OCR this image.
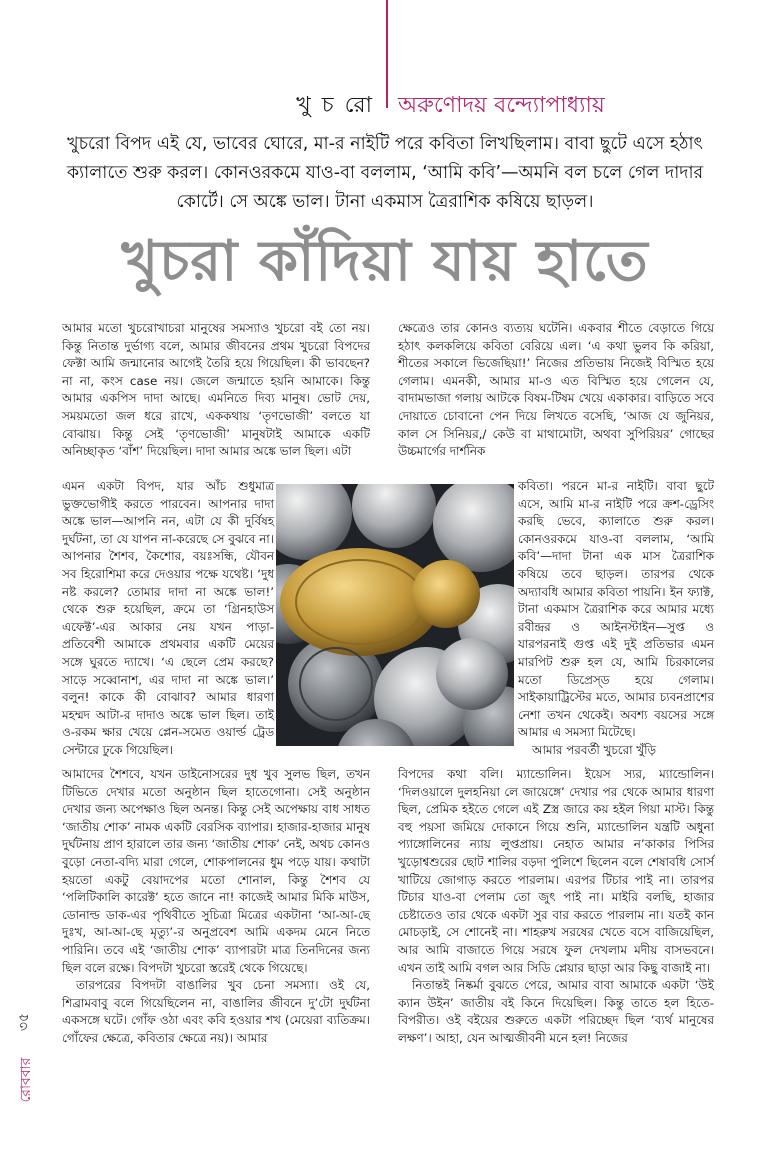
খু চ রো অরুণোদয় বন্দ্যোপাধ্যায়
খুচরো বিপদ এই যে, ভাবের ঘোরে, মা-র নাইটি পরে কবিতা লিখছিলাম। বাবা ছুটে এসে হঠাৎ ক্যালাতে শুরু করল। কোনওরকমে যাও-বা বললাম, ‘আমি কবি’—অমনি বল চলে গেল দাদার কোর্টে। সে অঙ্কে ভাল। টানা একমাস ত্রৈরাশিক কষিয়ে ছাড়ল।
খুচরা কাঁদিয়া যায় হাতে

আমার মতো খুচরোখাচরা মানুষের সমস্যাও খুচরো বই তো নয়। কিন্তু নিতান্ত দুর্ভাগ্য বলে, আমার জীবনের প্রথম খুচরো বিপদের ফেক্টা আমি জন্মানোর আগেই তৈরি হয়ে গিয়েছিল। কী ভাবছেন? না না, কংস case নয়। জেলে জন্মাতে হয়নি আমাকে। কিন্তু আমার একপিস দাদা আছে। এমনিতে দিব্য মানুষ। ভোট দেয়, সময়মতো জল ধরে রাখে, এককথায় ‘তৃণভোজী’ বলতে যা বোঝায়। কিন্তু সেই ‘তৃণভোজী’ মানুষটাই আমাকে একটি অনিচ্ছাকৃত ‘বাঁশ’ দিয়েছিল। দাদা আমার অঙ্কে ভাল ছিল। এটা

এমন একটা বিপদ, যার আঁচ শুধুমাত্র ভুক্তভোগীই করতে পারবেন। আপনার দাদা অঙ্কে ভাল—আপনি নন, এটা যে কী দুর্বিষহ দুর্ঘটনা, তা যে যাপন না-করেছে সে বুঝবে না। আপনার শৈশব, কৈশোর, বয়ঃসন্ধি, যৌবন সব হিরোশিমা করে দেওয়ার পক্ষে যথেষ্ট। ‘দুধ নষ্ট করলে? তোমার দাদা না অঙ্কে ভাল!’ থেকে শুরু হয়েছিল, ক্রমে তা ‘গ্রিনহাউস এফেক্ট’-এর আকার নেয় যখন পাড়া-প্রতিবেশী আমাকে প্রথমবার একটি মেয়ের সঙ্গে ঘুরতে দ্যাখে। ‘এ ছেলে প্রেম করছে? সাড়ে সব্বোনাশ, এর দাদা না অঙ্কে ভাল।’ বলুন! কাকে কী বোঝাব? আমার ধারণা মহম্মদ আটা-র দাদাও অঙ্কে ভাল ছিল। তাই ও-রকম ক্ষার খেয়ে প্লেন-সমেত ওয়ার্ল্ড ট্রেড সেন্টারে ঢুকে গিয়েছিল।

আমাদের শৈশবে, যখন ডাইনোসরের দুধ খুব সুলভ ছিল, তখন টিভিতে দেখার মতো অনুষ্ঠান ছিল হাতেগোনা। সেই অনুষ্ঠান দেখার জন্য অপেক্ষাও ছিল অনন্ত। কিন্তু সেই অপেক্ষায় বাধ সাধত ‘জাতীয় শোক’ নামক একটি বেরসিক ব্যাপার। হাজার-হাজার মানুষ দুর্ঘটনায় প্রাণ হারালে তার জন্য ‘জাতীয় শোক’ নেই, অথচ কোনও বুড়ো নেতা-বদ্যি মারা গেলে, শোকপালনের ধুম পড়ে যায়। কথাটা হয়তো একটু বেয়াদপের মতো শোনাল, কিন্তু শৈশব যে ‘পলিটিকালি কারেক্ট’ হতে জানে না! কাজেই আমার মিকি মাউস, ডোনাল্ড ডাক-এর পৃথিবীতে সুচিত্রা মিত্রের একটানা ‘আ-আ-ছে দুঃখ, আ-আ-ছে মৃত্যু’-র অনুপ্রবেশ আমি একদম মেনে নিতে পারিনি। তবে এই ‘জাতীয় শোক’ ব্যাপারটা মাত্র তিনদিনের জন্য ছিল বলে রক্ষে। বিপদটা খুচরো স্তরেই থেকে গিয়েছে।
তারপরের বিপদটা বাঙালির খুব চেনা সমস্যা। ওই যে, শিব্রামবাবু বলে গিয়েছিলেন না, বাঙালির জীবনে দু’টো দুর্ঘটনা একসঙ্গে ঘটে। গোঁফ ওঠা এবং কবি হওয়ার শখ (মেয়েরা ব্যতিক্রম। গোঁফের ক্ষেত্রে, কবিতার ক্ষেত্রে নয়)। আমার

ক্ষেত্রেও তার কোনও ব্যত্যয় ঘটেনি। একবার শীতে বেড়াতে গিয়ে হঠাৎ কলকলিয়ে কবিতা বেরিয়ে এল। ‘এ কথা ভুলব কি করিয়া, শীতের সকালে ভিজেছিয়া!’ নিজের প্রতিভায় নিজেই বিস্মিত হয়ে গেলাম। এমনকী, আমার মা-ও এত বিস্মিত হয়ে গেলেন যে, বাদামভাজা গলায় আটকে বিষম-টিষম খেয়ে একাকার। বাড়িতে সবে দোয়াতে চোবানো পেন দিয়ে লিখতে বসেছি, ‘আজ যে জুনিয়র, কাল সে সিনিয়র,/ কেউ বা মাথামোটা, অথবা সুপিরিয়র’ গোছের উচ্চমার্গের দার্শনিক

কবিতা। পরনে মা-র নাইটি। বাবা ছুটে এসে, আমি মা-র নাইটি পরে ক্রশ-ড্রেসিং করছি ভেবে, ক্যালাতে শুরু করল। কোনওরকমে যাও-বা বললাম, ‘আমি কবি’—দাদা টানা এক মাস ত্রৈরাশিক কষিয়ে তবে ছাড়ল। তারপর থেকে অদ্যাবধি আমার কবিতা পায়নি। ইন ফ্যাক্ট, টানা একমাস ত্রৈরাশিক করে আমার মধ্যে রবীন্দ্রর ও আইনস্টাইন—সুপ্ত ও যারপরনাই গুপ্ত এই দুই প্রতিভার এমন মারপিট শুরু হল যে, আমি চিরকালের মতো ডিপ্রেস্‌ড হয়ে গেলাম। সাইকায়াট্রিস্টের মতে, আমার চ্যবনপ্রাশের নেশা তখন থেকেই। অবশ্য বয়সের সঙ্গে আমার এ সমস্যা মিটেছে।
আমার পরবর্তী খুচরো খুঁড়ি

বিপদের কথা বলি। ম্যান্ডোলিন। ইয়েস স্যর, ম্যান্ডোলিন। ‘দিলওয়ালে দুলহনিয়া লে জায়েঙ্গে’ দেখার পর থেকে আমার ধারণা ছিল, প্রেমিক হইতে গেলে এই Zস্ত্র জারে কয় হইল গিয়া মাস্ট। কিন্তু বহু পয়সা জমিয়ে দোকানে গিয়ে শুনি, ম্যান্ডোলিন যন্ত্রটি অধুনা প্যাঙ্গোলিনের ন্যায় লুপ্তপ্রায়। নেহাত আমার ন’কাকার পিসির খুড়োশ্বশুরের ছোট শালির বড়দা পুলিশে ছিলেন বলে শেষাবধি সোর্স খাটিয়ে জোগাড় করতে পারলাম। এরপর টিচার পাই না। তারপর টিচার যাও-বা পেলাম তো জুৎ পাই না। মাইরি বলছি, হাজার চেষ্টাতেও তার থেকে একটা সুর বার করতে পারলাম না। যতই কান মোচড়াই, সে শোনেই না। শাহরুখ সরষের খেতে বসে বাজিয়েছিল, আর আমি বাজাতে গিয়ে সরষে ফুল দেখলাম মদীয় বাসভবনে। এখন তাই আমি বগল আর সিডি প্লেয়ার ছাড়া আর কিছু বাজাই না।
নিতান্তই নিষ্কর্মা বুঝতে পেরে, আমার বাবা আমাকে একটা ‘উই ক্যান উইন’ জাতীয় বই কিনে দিয়েছিল। কিন্তু তাতে হল হিতে-বিপরীত। ওই বইয়ের শুরুতে একটা পরিচ্ছেদ ছিল ‘ব্যর্থ মানুষের লক্ষণ’। আহা, যেন আত্মজীবনী মনে হল! নিজের

৩৫
রোববার
